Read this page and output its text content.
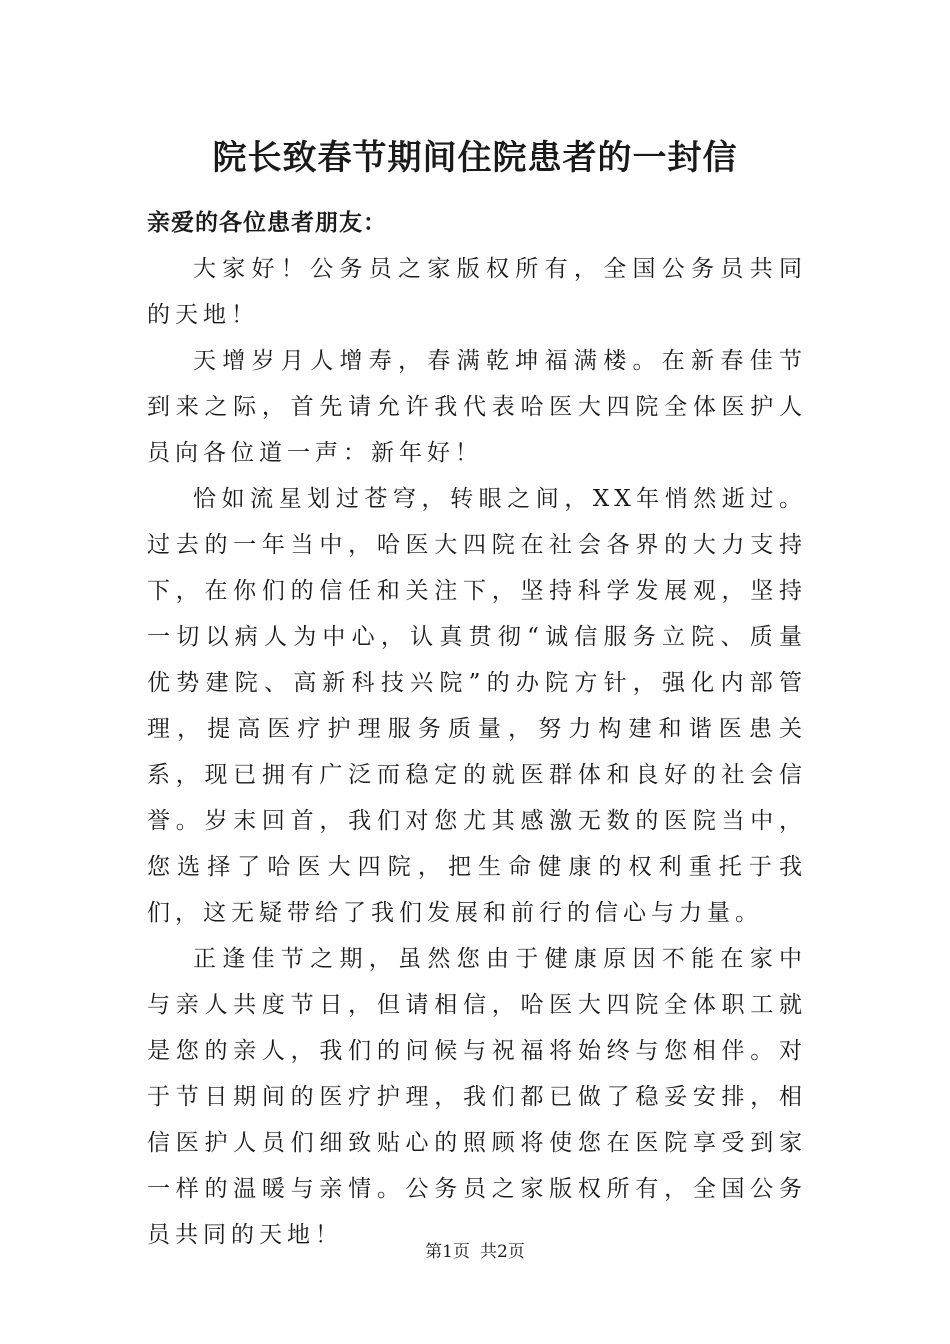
院长致春节期间住院患者的一封信

亲爱的各位患者朋友：

大家好！公务员之家版权所有，全国公务员共同的天地！

天增岁月人增寿，春满乾坤福满楼。在新春佳节到来之际，首先请允许我代表哈医大四院全体医护人员向各位道一声：新年好！

恰如流星划过苍穹，转眼之间，XX年悄然逝过。过去的一年当中，哈医大四院在社会各界的大力支持下，在你们的信任和关注下，坚持科学发展观，坚持一切以病人为中心，认真贯彻“诚信服务立院、质量优势建院、高新科技兴院”的办院方针，强化内部管理，提高医疗护理服务质量，努力构建和谐医患关系，现已拥有广泛而稳定的就医群体和良好的社会信誉。岁末回首，我们对您尤其感激无数的医院当中，您选择了哈医大四院，把生命健康的权利重托于我们，这无疑带给了我们发展和前行的信心与力量。

正逢佳节之期，虽然您由于健康原因不能在家中与亲人共度节日，但请相信，哈医大四院全体职工就是您的亲人，我们的问候与祝福将始终与您相伴。对于节日期间的医疗护理，我们都已做了稳妥安排，相信医护人员们细致贴心的照顾将使您在医院享受到家一样的温暖与亲情。公务员之家版权所有，全国公务员共同的天地！

第1页 共2页
